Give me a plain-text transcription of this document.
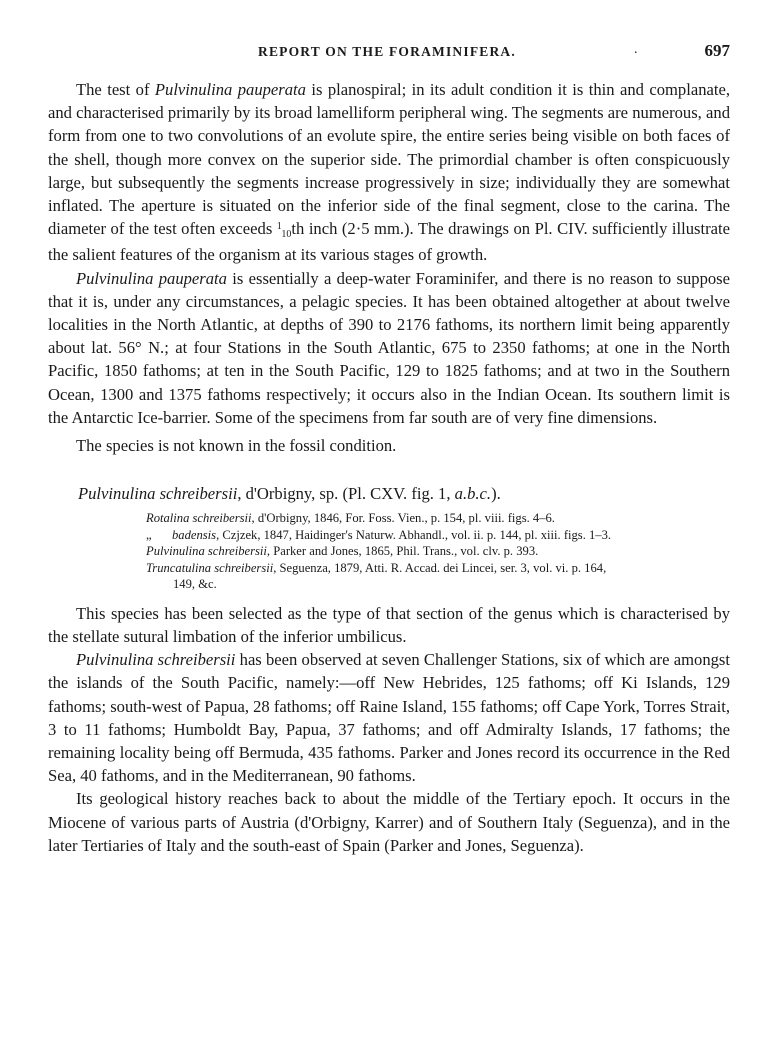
REPORT ON THE FORAMINIFERA.	.	697

The test of Pulvinulina pauperata is planospiral; in its adult condition it is thin and complanate, and characterised primarily by its broad lamelliform peripheral wing. The segments are numerous, and form from one to two convolutions of an evolute spire, the entire series being visible on both faces of the shell, though more convex on the superior side. The primordial chamber is often conspicuously large, but subsequently the segments increase progressively in size; individually they are somewhat inflated. The aperture is situated on the inferior side of the final segment, close to the carina. The diameter of the test often exceeds 110th inch (2·5 mm.). The drawings on Pl. CIV. sufficiently illustrate the salient features of the organism at its various stages of growth.

Pulvinulina pauperata is essentially a deep-water Foraminifer, and there is no reason to suppose that it is, under any circumstances, a pelagic species. It has been obtained altogether at about twelve localities in the North Atlantic, at depths of 390 to 2176 fathoms, its northern limit being apparently about lat. 56° N.; at four Stations in the South Atlantic, 675 to 2350 fathoms; at one in the North Pacific, 1850 fathoms; at ten in the South Pacific, 129 to 1825 fathoms; and at two in the Southern Ocean, 1300 and 1375 fathoms respectively; it occurs also in the Indian Ocean. Its southern limit is the Antarctic Ice-barrier. Some of the specimens from far south are of very fine dimensions.

The species is not known in the fossil condition.

Pulvinulina schreibersii, d'Orbigny, sp. (Pl. CXV. fig. 1, a.b.c.).

Rotalina schreibersii, d'Orbigny, 1846, For. Foss. Vien., p. 154, pl. viii. figs. 4–6.

„ badensis, Czjzek, 1847, Haidinger's Naturw. Abhandl., vol. ii. p. 144, pl. xiii. figs. 1–3.

Pulvinulina schreibersii, Parker and Jones, 1865, Phil. Trans., vol. clv. p. 393.

Truncatulina schreibersii, Seguenza, 1879, Atti. R. Accad. dei Lincei, ser. 3, vol. vi. p. 164,

149, &c.

This species has been selected as the type of that section of the genus which is characterised by the stellate sutural limbation of the inferior umbilicus.

Pulvinulina schreibersii has been observed at seven Challenger Stations, six of which are amongst the islands of the South Pacific, namely:—off New Hebrides, 125 fathoms; off Ki Islands, 129 fathoms; south-west of Papua, 28 fathoms; off Raine Island, 155 fathoms; off Cape York, Torres Strait, 3 to 11 fathoms; Humboldt Bay, Papua, 37 fathoms; and off Admiralty Islands, 17 fathoms; the remaining locality being off Bermuda, 435 fathoms. Parker and Jones record its occurrence in the Red Sea, 40 fathoms, and in the Mediterranean, 90 fathoms.

Its geological history reaches back to about the middle of the Tertiary epoch. It occurs in the Miocene of various parts of Austria (d'Orbigny, Karrer) and of Southern Italy (Seguenza), and in the later Tertiaries of Italy and the south-east of Spain (Parker and Jones, Seguenza).
